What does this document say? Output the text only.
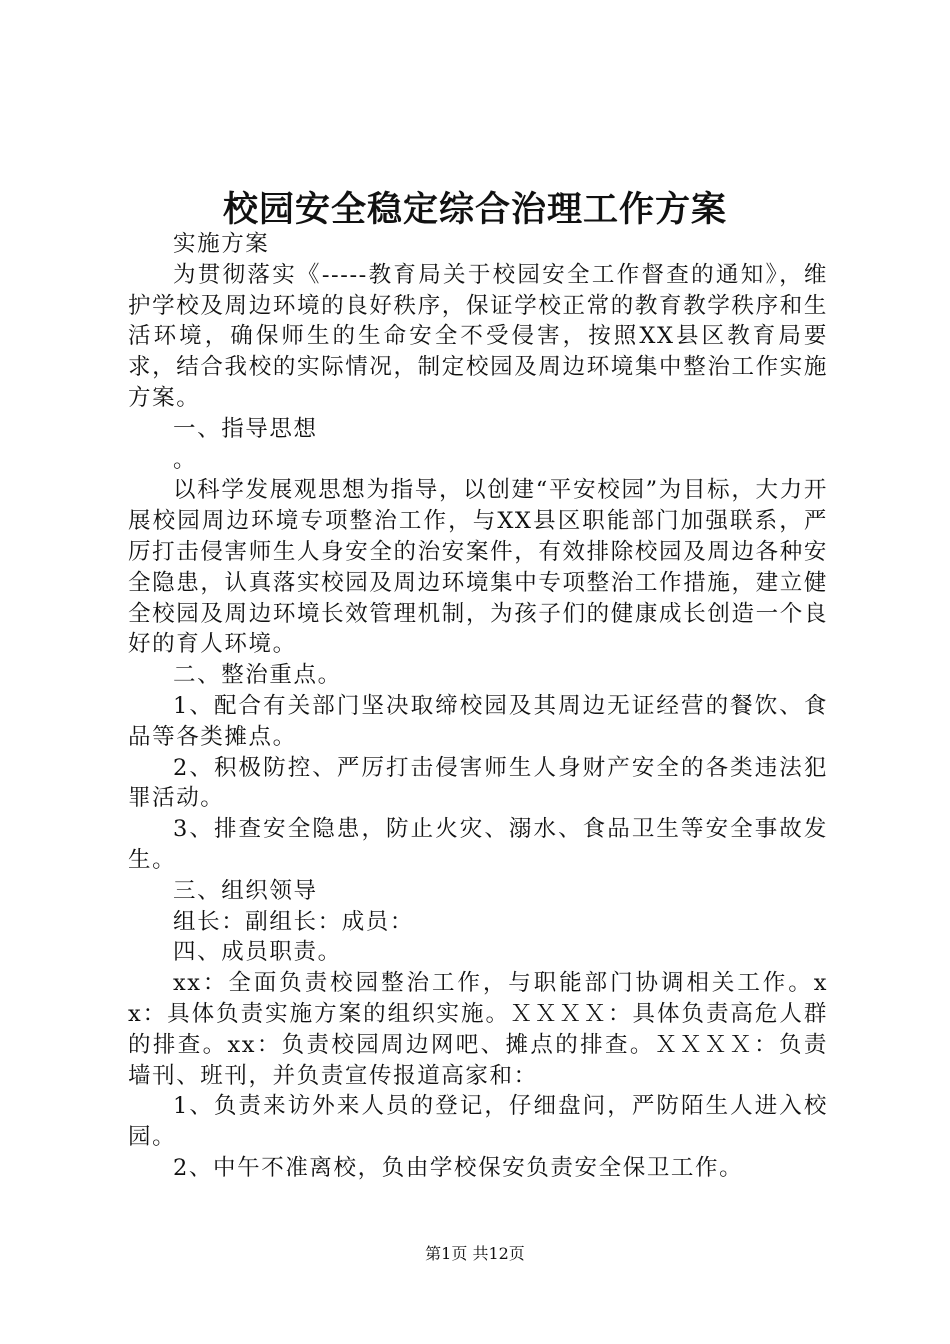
校园安全稳定综合治理工作方案

实施方案

为贯彻落实《-----教育局关于校园安全工作督查的通知》，维护学校及周边环境的良好秩序，保证学校正常的教育教学秩序和生活环境，确保师生的生命安全不受侵害，按照XX县区教育局要求，结合我校的实际情况，制定校园及周边环境集中整治工作实施方案。

一、指导思想

。

以科学发展观思想为指导，以创建“平安校园”为目标，大力开展校园周边环境专项整治工作，与XX县区职能部门加强联系，严厉打击侵害师生人身安全的治安案件，有效排除校园及周边各种安全隐患，认真落实校园及周边环境集中专项整治工作措施，建立健全校园及周边环境长效管理机制，为孩子们的健康成长创造一个良好的育人环境。

二、整治重点。

1、配合有关部门坚决取缔校园及其周边无证经营的餐饮、食品等各类摊点。

2、积极防控、严厉打击侵害师生人身财产安全的各类违法犯罪活动。

3、排查安全隐患，防止火灾、溺水、食品卫生等安全事故发生。

三、组织领导

组长：副组长：成员：

四、成员职责。

xx：全面负责校园整治工作，与职能部门协调相关工作。xx：具体负责实施方案的组织实施。ＸＸＸＸ：具体负责高危人群的排查。xx：负责校园周边网吧、摊点的排查。ＸＸＸＸ：负责墙刊、班刊，并负责宣传报道高家和：

1、负责来访外来人员的登记，仔细盘问，严防陌生人进入校园。

2、中午不准离校，负由学校保安负责安全保卫工作。

第1页 共12页
